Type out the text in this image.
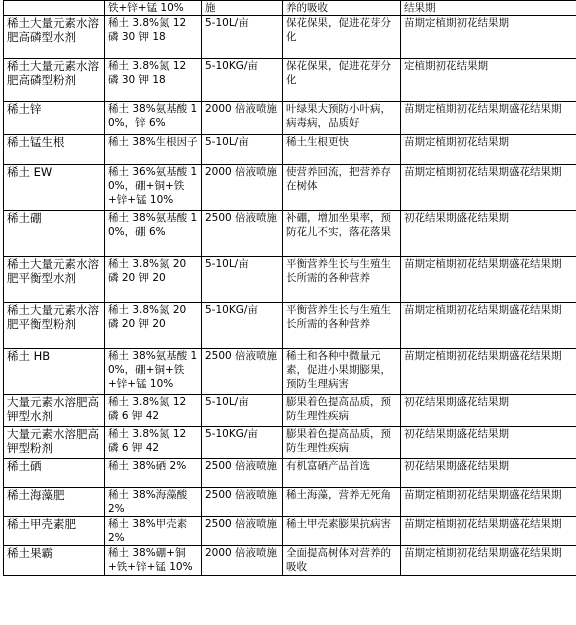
	铁+锌+锰 10%	施	养的吸收	结果期
稀土大量元素水溶肥高磷型水剂	稀土 3.8%氮 12 磷 30 钾 18	5-10L/亩	保花保果，促进花芽分化	苗期定植期初花结果期
稀土大量元素水溶肥高磷型粉剂	稀土 3.8%氮 12 磷 30 钾 18	5-10KG/亩	保花保果，促进花芽分化	定植期初花结果期
稀土锌	稀土 38%氨基酸 10%，锌 6%	2000 倍液喷施	叶绿果大预防小叶病，病毒病，品质好	苗期定植期初花结果期盛花结果期
稀土锰生根	稀土 38%生根因子	5-10L/亩	稀土生根更快	苗期定植期初花结果期
稀土 EW	稀土 36%氨基酸 10%，硼+铜+铁+锌+锰 10%	2000 倍液喷施	使营养回流，把营养存在树体	苗期定植期初花结果期盛花结果期
稀土硼	稀土 38%氨基酸 10%，硼 6%	2500 倍液喷施	补硼，增加坐果率，预防花儿不实，落花落果	初花结果期盛花结果期
稀土大量元素水溶肥平衡型水剂	稀土 3.8%氮 20 磷 20 钾 20	5-10L/亩	平衡营养生长与生殖生长所需的各种营养	苗期定植期初花结果期盛花结果期
稀土大量元素水溶肥平衡型粉剂	稀土 3.8%氮 20 磷 20 钾 20	5-10KG/亩	平衡营养生长与生殖生长所需的各种营养	苗期定植期初花结果期盛花结果期
稀土 HB	稀土 38%氨基酸 10%，硼+铜+铁+锌+锰 10%	2500 倍液喷施	稀土和各种中微量元素，促进小果期膨果，预防生理病害	苗期定植期初花结果期盛花结果期
大量元素水溶肥高钾型水剂	稀土 3.8%氮 12 磷 6 钾 42	5-10L/亩	膨果着色提高品质，预防生理性疾病	初花结果期盛花结果期
大量元素水溶肥高钾型粉剂	稀土 3.8%氮 12 磷 6 钾 42	5-10KG/亩	膨果着色提高品质，预防生理性疾病	初花结果期盛花结果期
稀土硒	稀土 38%硒 2%	2500 倍液喷施	有机富硒产品首选	初花结果期盛花结果期
稀土海藻肥	稀土 38%海藻酸 2%	2500 倍液喷施	稀土海藻，营养无死角	苗期定植期初花结果期盛花结果期
稀土甲壳素肥	稀土 38%甲壳素 2%	2500 倍液喷施	稀土甲壳素膨果抗病害	苗期定植期初花结果期盛花结果期
稀土果霸	稀土 38%硼+铜+铁+锌+锰 10%	2000 倍液喷施	全面提高树体对营养的吸收	苗期定植期初花结果期盛花结果期
